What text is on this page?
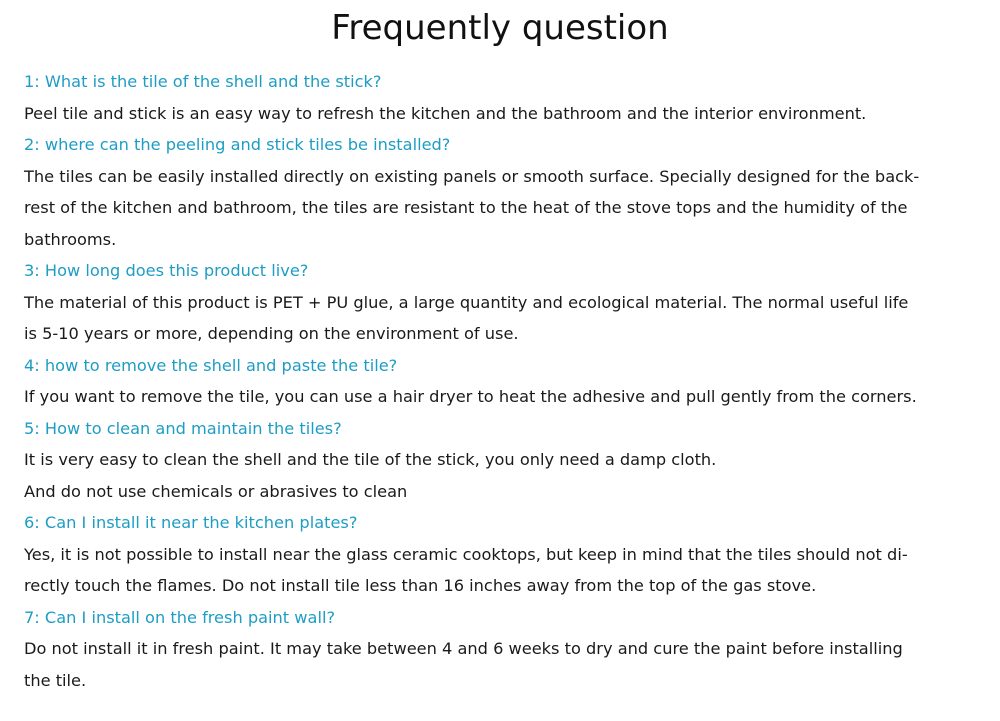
Frequently question
1: What is the tile of the shell and the stick?
Peel tile and stick is an easy way to refresh the kitchen and the bathroom and the interior environment.
2: where can the peeling and stick tiles be installed?
The tiles can be easily installed directly on existing panels or smooth surface. Specially designed for the back-
rest of the kitchen and bathroom, the tiles are resistant to the heat of the stove tops and the humidity of the
bathrooms.
3: How long does this product live?
The material of this product is PET + PU glue, a large quantity and ecological material. The normal useful life
is 5-10 years or more, depending on the environment of use.
4: how to remove the shell and paste the tile?
If you want to remove the tile, you can use a hair dryer to heat the adhesive and pull gently from the corners.
5: How to clean and maintain the tiles?
It is very easy to clean the shell and the tile of the stick, you only need a damp cloth.
And do not use chemicals or abrasives to clean
6: Can I install it near the kitchen plates?
Yes, it is not possible to install near the glass ceramic cooktops, but keep in mind that the tiles should not di-
rectly touch the flames. Do not install tile less than 16 inches away from the top of the gas stove.
7: Can I install on the fresh paint wall?
Do not install it in fresh paint. It may take between 4 and 6 weeks to dry and cure the paint before installing
the tile.
